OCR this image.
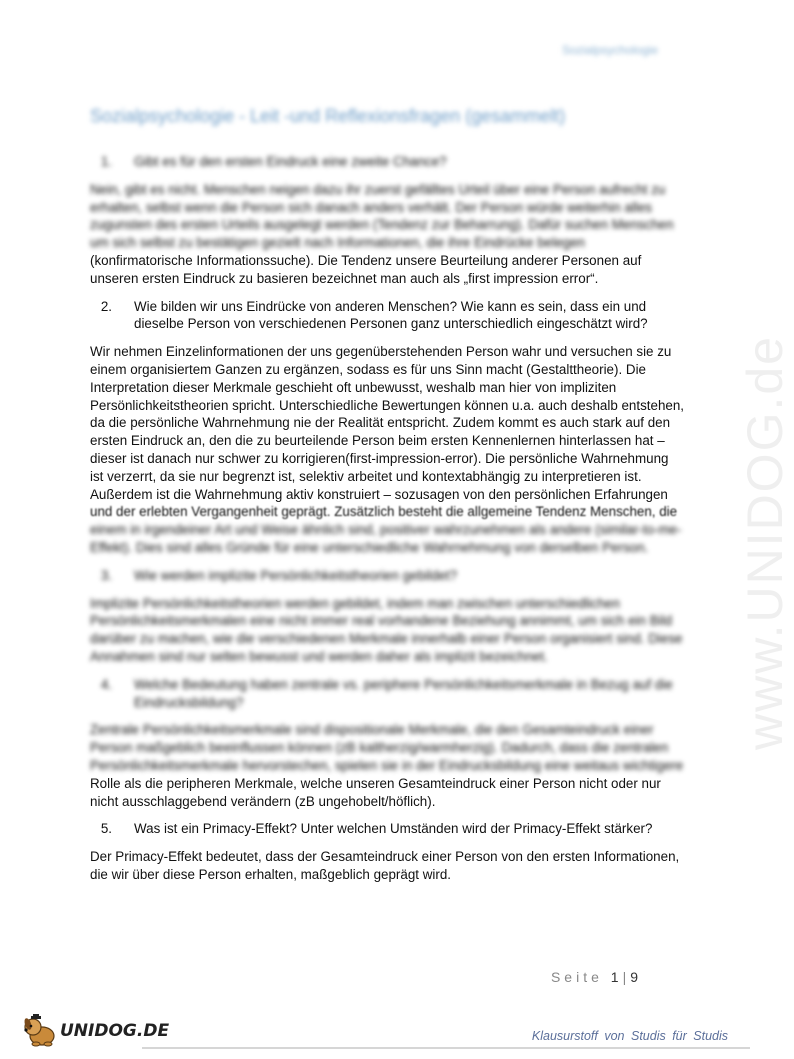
Sozialpsychologie
Sozialpsychologie - Leit -und Reflexionsfragen (gesammelt)
www.UNIDOG.de
1. Gibt es für den ersten Eindruck eine zweite Chance?
Nein, gibt es nicht. Menschen neigen dazu ihr zuerst gefälltes Urteil über eine Person aufrecht zu
erhalten, selbst wenn die Person sich danach anders verhält. Der Person würde weiterhin alles
zugunsten des ersten Urteils ausgelegt werden (Tendenz zur Beharrung). Dafür suchen Menschen
um sich selbst zu bestätigen gezielt nach Informationen, die ihre Eindrücke belegen
(konfirmatorische Informationssuche). Die Tendenz unsere Beurteilung anderer Personen auf
unseren ersten Eindruck zu basieren bezeichnet man auch als „first impression error“.
2. Wie bilden wir uns Eindrücke von anderen Menschen? Wie kann es sein, dass ein und
dieselbe Person von verschiedenen Personen ganz unterschiedlich eingeschätzt wird?
Wir nehmen Einzelinformationen der uns gegenüberstehenden Person wahr und versuchen sie zu
einem organisiertem Ganzen zu ergänzen, sodass es für uns Sinn macht (Gestalttheorie). Die
Interpretation dieser Merkmale geschieht oft unbewusst, weshalb man hier von impliziten
Persönlichkeitstheorien spricht. Unterschiedliche Bewertungen können u.a. auch deshalb entstehen,
da die persönliche Wahrnehmung nie der Realität entspricht. Zudem kommt es auch stark auf den
ersten Eindruck an, den die zu beurteilende Person beim ersten Kennenlernen hinterlassen hat –
dieser ist danach nur schwer zu korrigieren(first-impression-error). Die persönliche Wahrnehmung
ist verzerrt, da sie nur begrenzt ist, selektiv arbeitet und kontextabhängig zu interpretieren ist.
Außerdem ist die Wahrnehmung aktiv konstruiert – sozusagen von den persönlichen Erfahrungen
und der erlebten Vergangenheit geprägt. Zusätzlich besteht die allgemeine Tendenz Menschen, die
einem in irgendeiner Art und Weise ähnlich sind, positiver wahrzunehmen als andere (similar-to-me-
Effekt). Dies sind alles Gründe für eine unterschiedliche Wahrnehmung von derselben Person.
3. Wie werden implizite Persönlichkeitstheorien gebildet?
Implizite Persönlichkeitstheorien werden gebildet, indem man zwischen unterschiedlichen
Persönlichkeitsmerkmalen eine nicht immer real vorhandene Beziehung annimmt, um sich ein Bild
darüber zu machen, wie die verschiedenen Merkmale innerhalb einer Person organisiert sind. Diese
Annahmen sind nur selten bewusst und werden daher als implizit bezeichnet.
4. Welche Bedeutung haben zentrale vs. periphere Persönlichkeitsmerkmale in Bezug auf die
Eindrucksbildung?
Zentrale Persönlichkeitsmerkmale sind dispositionale Merkmale, die den Gesamteindruck einer
Person maßgeblich beeinflussen können (zB kaltherzig/warmherzig). Dadurch, dass die zentralen
Persönlichkeitsmerkmale hervorstechen, spielen sie in der Eindrucksbildung eine weitaus wichtigere
Rolle als die peripheren Merkmale, welche unseren Gesamteindruck einer Person nicht oder nur
nicht ausschlaggebend verändern (zB ungehobelt/höflich).
5. Was ist ein Primacy-Effekt? Unter welchen Umständen wird der Primacy-Effekt stärker?
Der Primacy-Effekt bedeutet, dass der Gesamteindruck einer Person von den ersten Informationen,
die wir über diese Person erhalten, maßgeblich geprägt wird.
Seite 1|9
UNIDOG.DE	Klausurstoff von Studis für Studis
